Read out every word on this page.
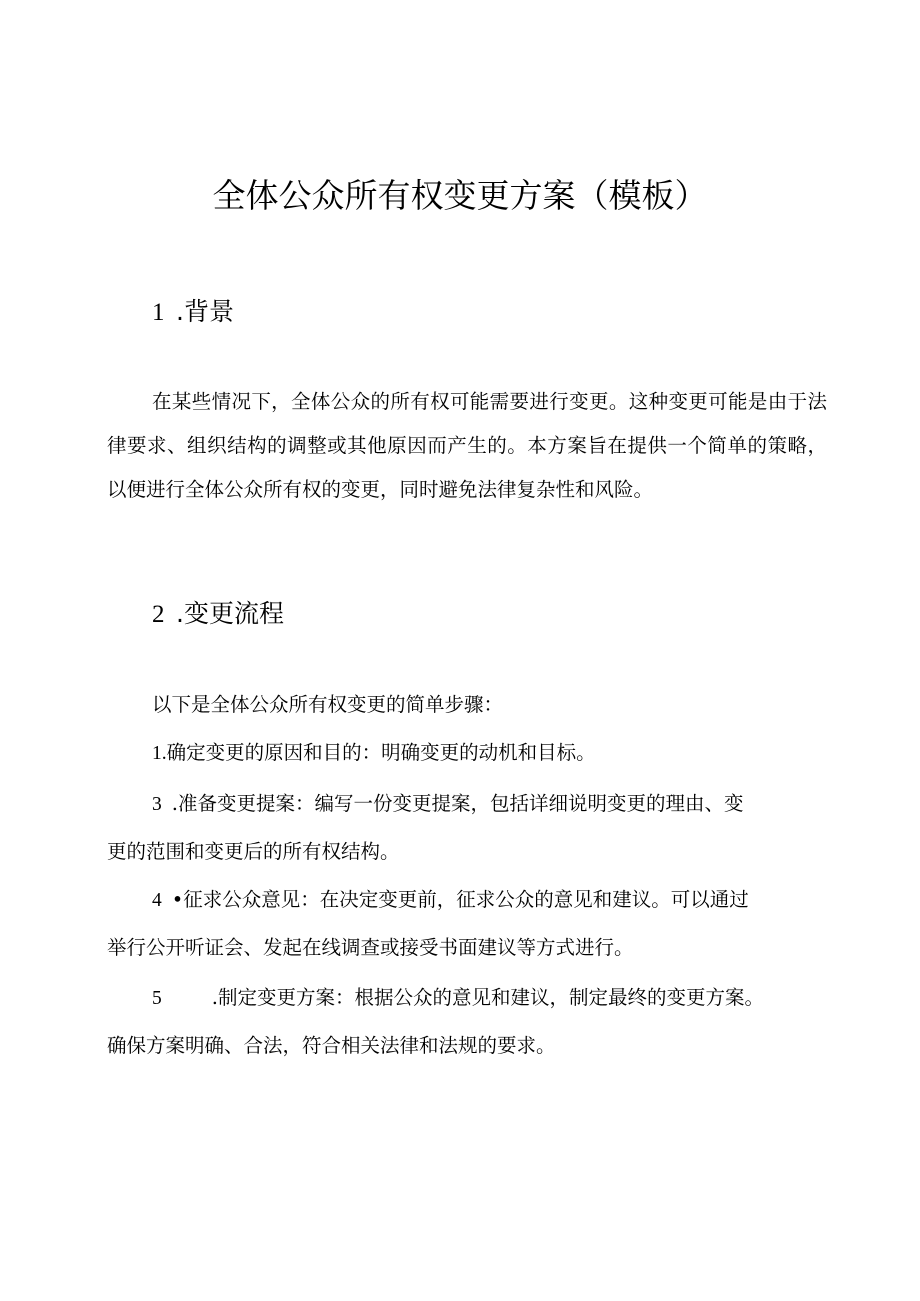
全体公众所有权变更方案（模板）
1 .背景
在某些情况下，全体公众的所有权可能需要进行变更。这种变更可能是由于法律要求、组织结构的调整或其他原因而产生的。本方案旨在提供一个简单的策略，以便进行全体公众所有权的变更，同时避免法律复杂性和风险。
2 .变更流程
以下是全体公众所有权变更的简单步骤：
1.确定变更的原因和目的：明确变更的动机和目标。
3 .准备变更提案：编写一份变更提案，包括详细说明变更的理由、变
更的范围和变更后的所有权结构。
4 •征求公众意见：在决定变更前，征求公众的意见和建议。可以通过
举行公开听证会、发起在线调查或接受书面建议等方式进行。
5	.制定变更方案：根据公众的意见和建议，制定最终的变更方案。
确保方案明确、合法，符合相关法律和法规的要求。
